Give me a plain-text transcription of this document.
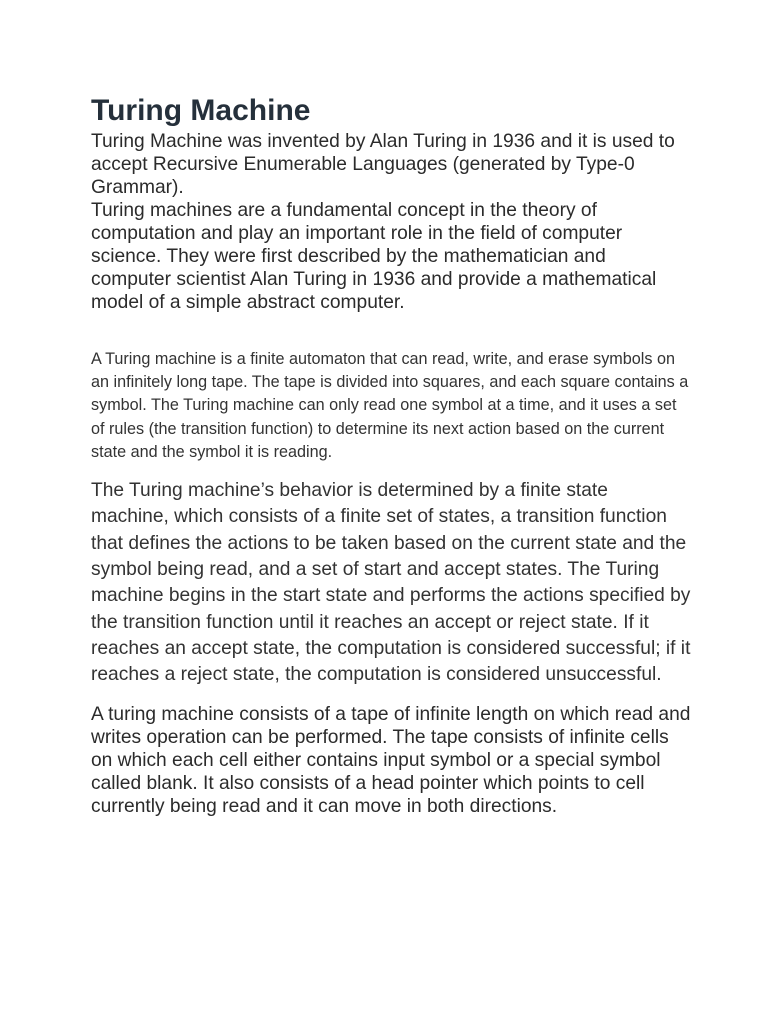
Turing Machine

Turing Machine was invented by Alan Turing in 1936 and it is used to accept Recursive Enumerable Languages (generated by Type-0 Grammar).

Turing machines are a fundamental concept in the theory of computation and play an important role in the field of computer science. They were first described by the mathematician and computer scientist Alan Turing in 1936 and provide a mathematical model of a simple abstract computer.

A Turing machine is a finite automaton that can read, write, and erase symbols on an infinitely long tape. The tape is divided into squares, and each square contains a symbol. The Turing machine can only read one symbol at a time, and it uses a set of rules (the transition function) to determine its next action based on the current state and the symbol it is reading.

The Turing machine’s behavior is determined by a finite state machine, which consists of a finite set of states, a transition function that defines the actions to be taken based on the current state and the symbol being read, and a set of start and accept states. The Turing machine begins in the start state and performs the actions specified by the transition function until it reaches an accept or reject state. If it reaches an accept state, the computation is considered successful; if it reaches a reject state, the computation is considered unsuccessful.

A turing machine consists of a tape of infinite length on which read and writes operation can be performed. The tape consists of infinite cells on which each cell either contains input symbol or a special symbol called blank. It also consists of a head pointer which points to cell currently being read and it can move in both directions.
